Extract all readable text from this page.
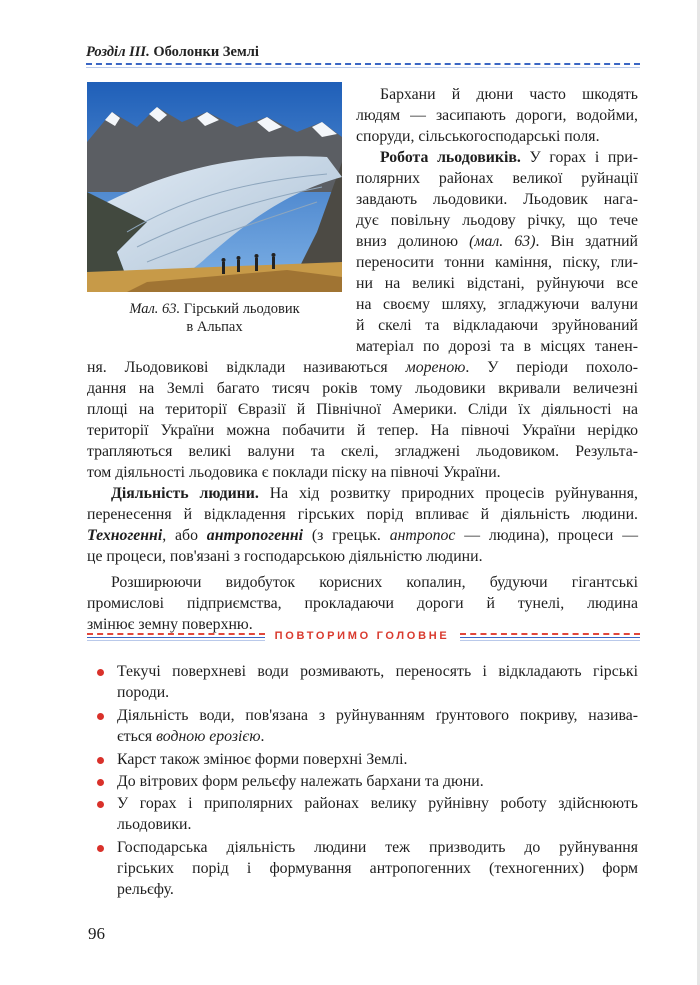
Розділ III. Оболонки Землі
Мал. 63. Гірський льодовик
в Альпах
Бархани й дюни часто шкодять
людям — засипають дороги, водойми,
споруди, сільськогосподарські поля.
Робота льодовиків. У горах і при-
полярних районах великої руйнації
завдають льодовики. Льодовик нага-
дує повільну льодову річку, що тече
вниз долиною (мал. 63). Він здатний
переносити тонни каміння, піску, гли-
ни на великі відстані, руйнуючи все
на своєму шляху, згладжуючи валуни
й скелі та відкладаючи зруйнований
матеріал по дорозі та в місцях танен-
ня. Льодовикові відклади називаються мореною. У періоди похоло-
дання на Землі багато тисяч років тому льодовики вкривали величезні
площі на території Євразії й Північної Америки. Сліди їх діяльності на
території України можна побачити й тепер. На півночі України нерідко
трапляються великі валуни та скелі, згладжені льодовиком. Результа-
том діяльності льодовика є поклади піску на півночі України.
Діяльність людини. На хід розвитку природних процесів руйнування,
перенесення й відкладення гірських порід впливає й діяльність людини.
Техногенні, або антропогенні (з грецьк. антропос — людина), процеси —
це процеси, пов'язані з господарською діяльністю людини.
Розширюючи видобуток корисних копалин, будуючи гігантські
промислові підприємства, прокладаючи дороги й тунелі, людина
змінює земну поверхню.
ПОВТОРИМО ГОЛОВНЕ
Текучі поверхневі води розмивають, переносять і відкладають гірські
породи.
Діяльність води, пов'язана з руйнуванням ґрунтового покриву, назива-
ється водною ерозією.
Карст також змінює форми поверхні Землі.
До вітрових форм рельєфу належать бархани та дюни.
У горах і приполярних районах велику руйнівну роботу здійснюють
льодовики.
Господарська діяльність людини теж призводить до руйнування
гірських порід і формування антропогенних (техногенних) форм
рельєфу.
96
